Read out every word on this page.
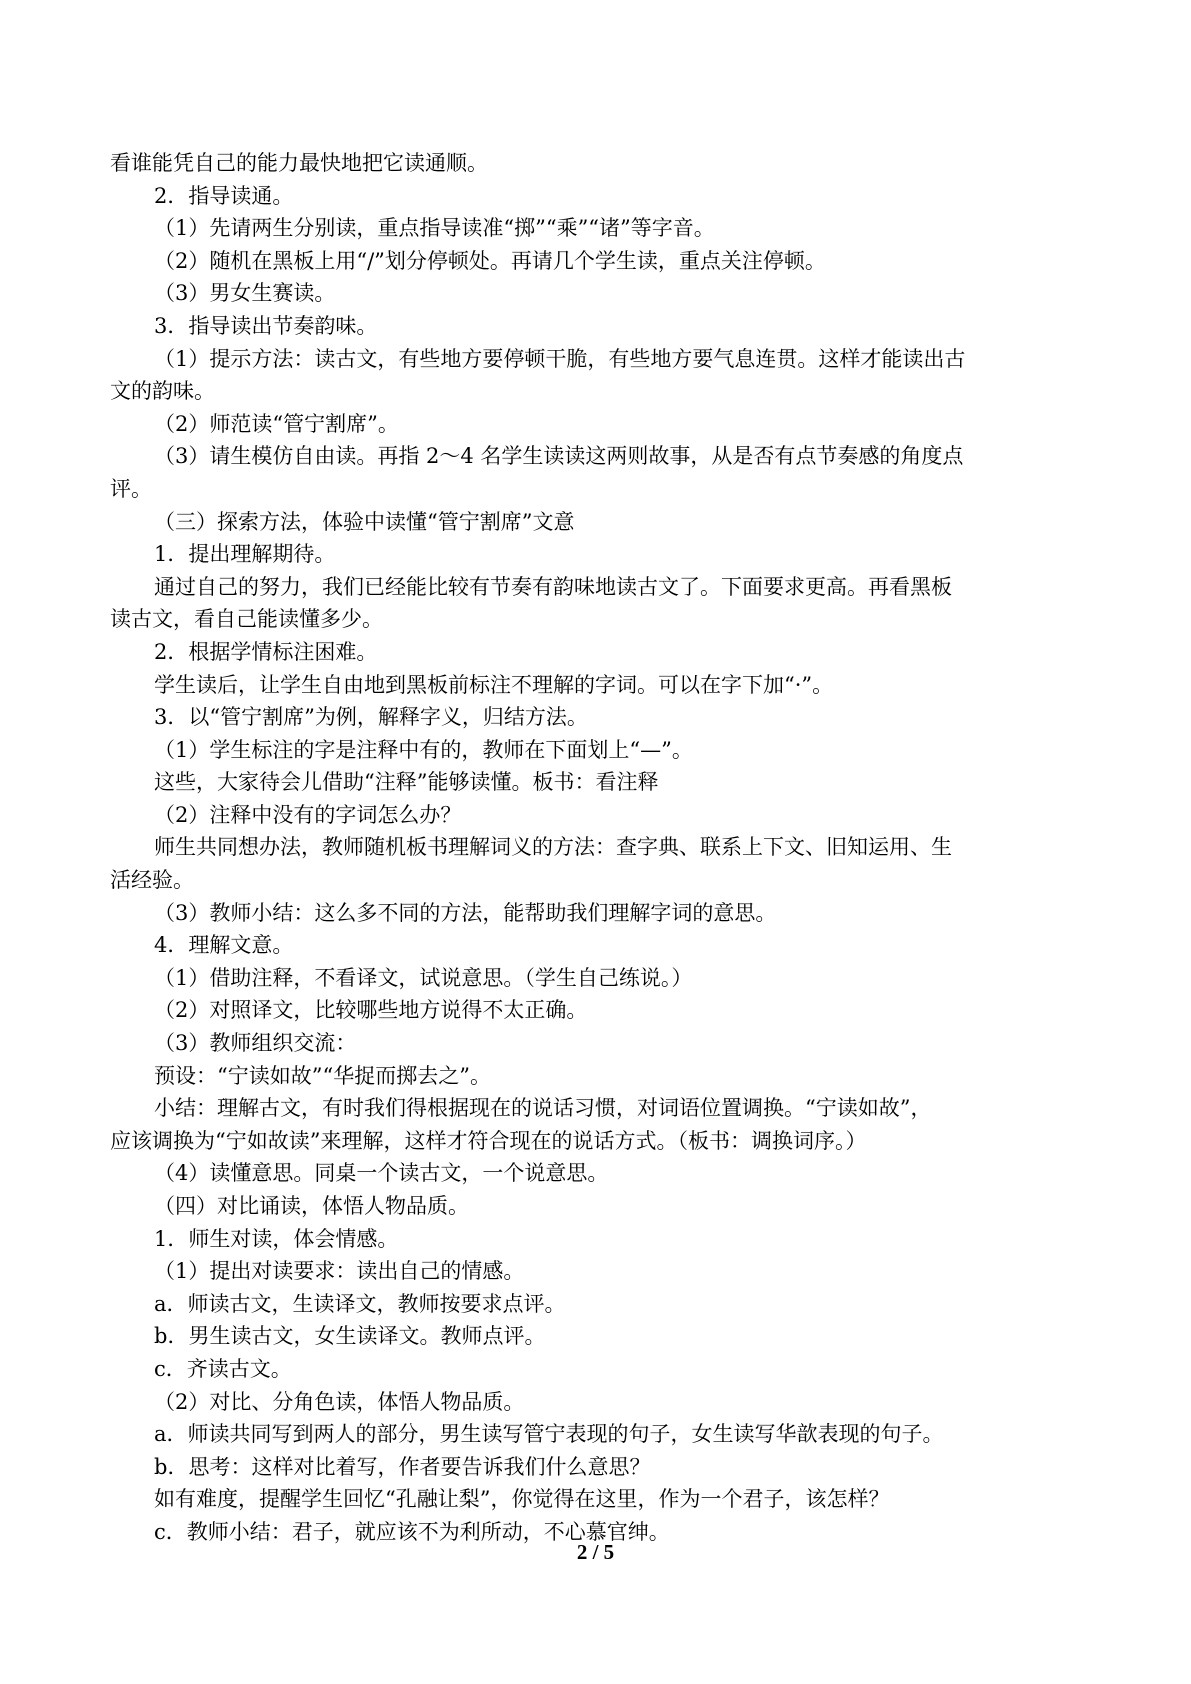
看谁能凭自己的能力最快地把它读通顺。

2．指导读通。

（1）先请两生分别读，重点指导读准“掷”“乘”“诸”等字音。

（2）随机在黑板上用“/”划分停顿处。再请几个学生读，重点关注停顿。

（3）男女生赛读。

3．指导读出节奏韵味。

（1）提示方法：读古文，有些地方要停顿干脆，有些地方要气息连贯。这样才能读出古

文的韵味。

（2）师范读“管宁割席”。

（3）请生模仿自由读。再指 2～4 名学生读读这两则故事，从是否有点节奏感的角度点

评。

（三）探索方法，体验中读懂“管宁割席”文意

1．提出理解期待。

通过自己的努力，我们已经能比较有节奏有韵味地读古文了。下面要求更高。再看黑板

读古文，看自己能读懂多少。

2．根据学情标注困难。

学生读后，让学生自由地到黑板前标注不理解的字词。可以在字下加“·”。

3．以“管宁割席”为例，解释字义，归结方法。

（1）学生标注的字是注释中有的，教师在下面划上“—”。

这些，大家待会儿借助“注释”能够读懂。板书：看注释

（2）注释中没有的字词怎么办？

师生共同想办法，教师随机板书理解词义的方法：查字典、联系上下文、旧知运用、生

活经验。

（3）教师小结：这么多不同的方法，能帮助我们理解字词的意思。

4．理解文意。

（1）借助注释，不看译文，试说意思。（学生自己练说。）

（2）对照译文，比较哪些地方说得不太正确。

（3）教师组织交流：

预设：“宁读如故”“华捉而掷去之”。

小结：理解古文，有时我们得根据现在的说话习惯，对词语位置调换。“宁读如故”，

应该调换为“宁如故读”来理解，这样才符合现在的说话方式。（板书：调换词序。）

（4）读懂意思。同桌一个读古文，一个说意思。

（四）对比诵读，体悟人物品质。

1．师生对读，体会情感。

（1）提出对读要求：读出自己的情感。

a．师读古文，生读译文，教师按要求点评。

b．男生读古文，女生读译文。教师点评。

c．齐读古文。

（2）对比、分角色读，体悟人物品质。

a．师读共同写到两人的部分，男生读写管宁表现的句子，女生读写华歆表现的句子。

b．思考：这样对比着写，作者要告诉我们什么意思？

如有难度，提醒学生回忆“孔融让梨”，你觉得在这里，作为一个君子，该怎样？

c．教师小结：君子，就应该不为利所动，不心慕官绅。

2 / 5
